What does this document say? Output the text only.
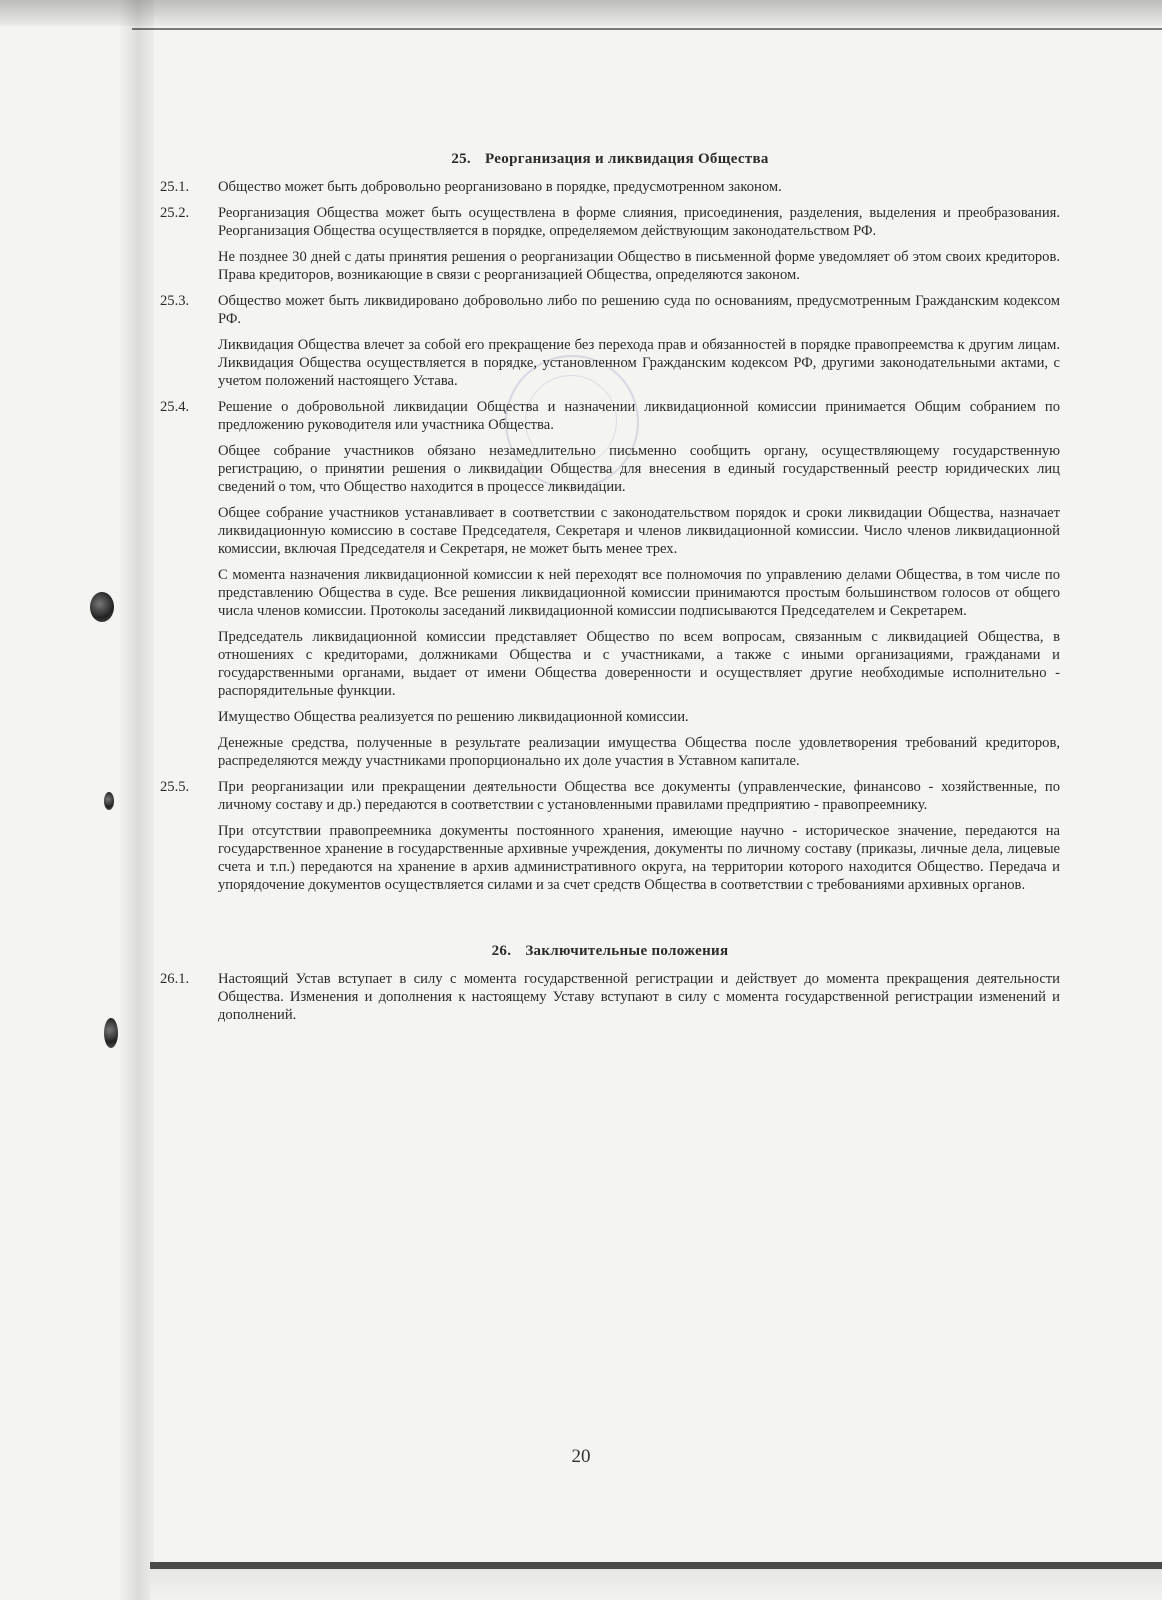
25. Реорганизация и ликвидация Общества
25.1.	Общество может быть добровольно реорганизовано в порядке, предусмотренном законом.
25.2.	Реорганизация Общества может быть осуществлена в форме слияния, присоединения, разделения, выделения и преобразования. Реорганизация Общества осуществляется в порядке, определяемом действующим законодательством РФ.

Не позднее 30 дней с даты принятия решения о реорганизации Общество в письменной форме уведомляет об этом своих кредиторов. Права кредиторов, возникающие в связи с реорганизацией Общества, определяются законом.

25.3.	Общество может быть ликвидировано добровольно либо по решению суда по основаниям, предусмотренным Гражданским кодексом РФ.

Ликвидация Общества влечет за собой его прекращение без перехода прав и обязанностей в порядке правопреемства к другим лицам. Ликвидация Общества осуществляется в порядке, установленном Гражданским кодексом РФ, другими законодательными актами, с учетом положений настоящего Устава.

25.4.	Решение о добровольной ликвидации Общества и назначении ликвидационной комиссии принимается Общим собранием по предложению руководителя или участника Общества.

Общее собрание участников обязано незамедлительно письменно сообщить органу, осуществляющему государственную регистрацию, о принятии решения о ликвидации Общества для внесения в единый государственный реестр юридических лиц сведений о том, что Общество находится в процессе ликвидации.

Общее собрание участников устанавливает в соответствии с законодательством порядок и сроки ликвидации Общества, назначает ликвидационную комиссию в составе Председателя, Секретаря и членов ликвидационной комиссии. Число членов ликвидационной комиссии, включая Председателя и Секретаря, не может быть менее трех.

С момента назначения ликвидационной комиссии к ней переходят все полномочия по управлению делами Общества, в том числе по представлению Общества в суде. Все решения ликвидационной комиссии принимаются простым большинством голосов от общего числа членов комиссии. Протоколы заседаний ликвидационной комиссии подписываются Председателем и Секретарем.

Председатель ликвидационной комиссии представляет Общество по всем вопросам, связанным с ликвидацией Общества, в отношениях с кредиторами, должниками Общества и с участниками, а также с иными организациями, гражданами и государственными органами, выдает от имени Общества доверенности и осуществляет другие необходимые исполнительно - распорядительные функции.

Имущество Общества реализуется по решению ликвидационной комиссии.

Денежные средства, полученные в результате реализации имущества Общества после удовлетворения требований кредиторов, распределяются между участниками пропорционально их доле участия в Уставном капитале.

25.5.	При реорганизации или прекращении деятельности Общества все документы (управленческие, финансово - хозяйственные, по личному составу и др.) передаются в соответствии с установленными правилами предприятию - правопреемнику.

При отсутствии правопреемника документы постоянного хранения, имеющие научно - историческое значение, передаются на государственное хранение в государственные архивные учреждения, документы по личному составу (приказы, личные дела, лицевые счета и т.п.) передаются на хранение в архив административного округа, на территории которого находится Общество. Передача и упорядочение документов осуществляется силами и за счет средств Общества в соответствии с требованиями архивных органов.

26. Заключительные положения
26.1.	Настоящий Устав вступает в силу с момента государственной регистрации и действует до момента прекращения деятельности Общества. Изменения и дополнения к настоящему Уставу вступают в силу с момента государственной регистрации изменений и дополнений.

20
